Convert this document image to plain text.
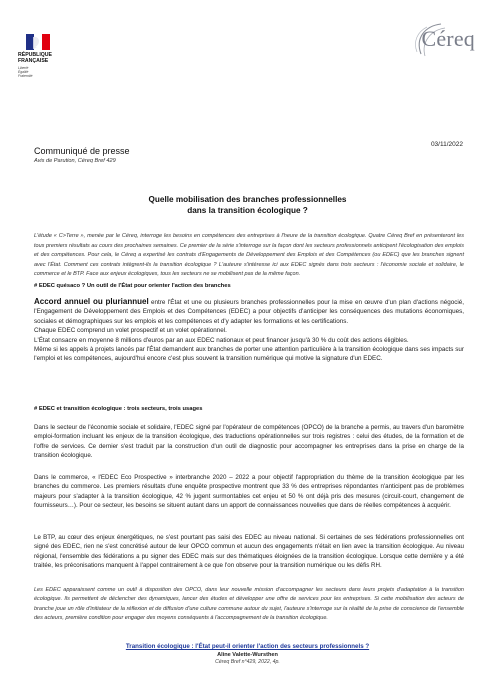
RÉPUBLIQUE
FRANÇAISE
Liberté
Égalité
Fraternité
Céreq
03/11/2022
Communiqué de presse
Avis de Parution, Céreq Bref 429
Quelle mobilisation des branches professionnelles
dans la transition écologique ?
L'étude « C>Terre », menée par le Céreq, interroge les besoins en compétences des entreprises à l'heure de la transition écologique. Quatre Céreq Bref en présenteront les tous premiers résultats au cours des prochaines semaines. Ce premier de la série s'interroge sur la façon dont les secteurs professionnels anticipent l'écologisation des emplois et des compétences. Pour cela, le Céreq a expertisé les contrats d'Engagements de Développement des Emplois et des Compétences (ou EDEC) que les branches signent avec l'État. Comment ces contrats intègrent-ils la transition écologique ? L'auteure s'intéresse ici aux EDEC signés dans trois secteurs : l'économie sociale et solidaire, le commerce et le BTP. Face aux enjeux écologiques, tous les secteurs ne se mobilisent pas de la même façon.
# EDEC quésaco ? Un outil de l'État pour orienter l'action des branches

Accord annuel ou pluriannuel entre l'État et une ou plusieurs branches professionnelles pour la mise en œuvre d'un plan d'actions négocié, l'Engagement de Développement des Emplois et des Compétences (EDEC) a pour objectifs d'anticiper les conséquences des mutations économiques, sociales et démographiques sur les emplois et les compétences et d'y adapter les formations et les certifications.

Chaque EDEC comprend un volet prospectif et un volet opérationnel.

L'État consacre en moyenne 8 millions d'euros par an aux EDEC nationaux et peut financer jusqu'à 30 % du coût des actions éligibles.

Même si les appels à projets lancés par l'État demandent aux branches de porter une attention particulière à la transition écologique dans ses impacts sur l'emploi et les compétences, aujourd'hui encore c'est plus souvent la transition numérique qui motive la signature d'un EDEC.

# EDEC et transition écologique : trois secteurs, trois usages

Dans le secteur de l'économie sociale et solidaire, l'EDEC signé par l'opérateur de compétences (OPCO) de la branche a permis, au travers d'un baromètre emploi-formation incluant les enjeux de la transition écologique, des traductions opérationnelles sur trois registres : celui des études, de la formation et de l'offre de services. Ce dernier s'est traduit par la construction d'un outil de diagnostic pour accompagner les entreprises dans la prise en charge de la transition écologique.

Dans le commerce, « l'EDEC Eco Prospective » interbranche 2020 – 2022 a pour objectif l'appropriation du thème de la transition écologique par les branches du commerce. Les premiers résultats d'une enquête prospective montrent que 33 % des entreprises répondantes n'anticipent pas de problèmes majeurs pour s'adapter à la transition écologique, 42 % jugent surmontables cet enjeu et 50 % ont déjà pris des mesures (circuit-court, changement de fournisseurs…). Pour ce secteur, les besoins se situent autant dans un apport de connaissances nouvelles que dans de réelles compétences à acquérir.

Le BTP, au cœur des enjeux énergétiques, ne s'est pourtant pas saisi des EDEC au niveau national. Si certaines de ses fédérations professionnelles ont signé des EDEC, rien ne s'est concrétisé autour de leur OPCO commun et aucun des engagements n'était en lien avec la transition écologique. Au niveau régional, l'ensemble des fédérations a pu signer des EDEC mais sur des thématiques éloignées de la transition écologique. Lorsque cette dernière y a été traitée, les préconisations manquent à l'appel contrairement à ce que l'on observe pour la transition numérique ou les défis RH.

Les EDEC apparaissent comme un outil à disposition des OPCO, dans leur nouvelle mission d'accompagner les secteurs dans leurs projets d'adaptation à la transition écologique. Ils permettent de déclencher des dynamiques, lancer des études et développer une offre de services pour les entreprises. Si cette mobilisation des acteurs de branche joue un rôle d'initiateur de la réflexion et de diffusion d'une culture commune autour du sujet, l'auteure s'interroge sur la réalité de la prise de conscience de l'ensemble des acteurs, première condition pour engager des moyens conséquents à l'accompagnement de la transition écologique.

Transition écologique : l'État peut-il orienter l'action des secteurs professionnels ?
Aline Valette-Wursthen
Céreq Bref n°429, 2022, 4p.
